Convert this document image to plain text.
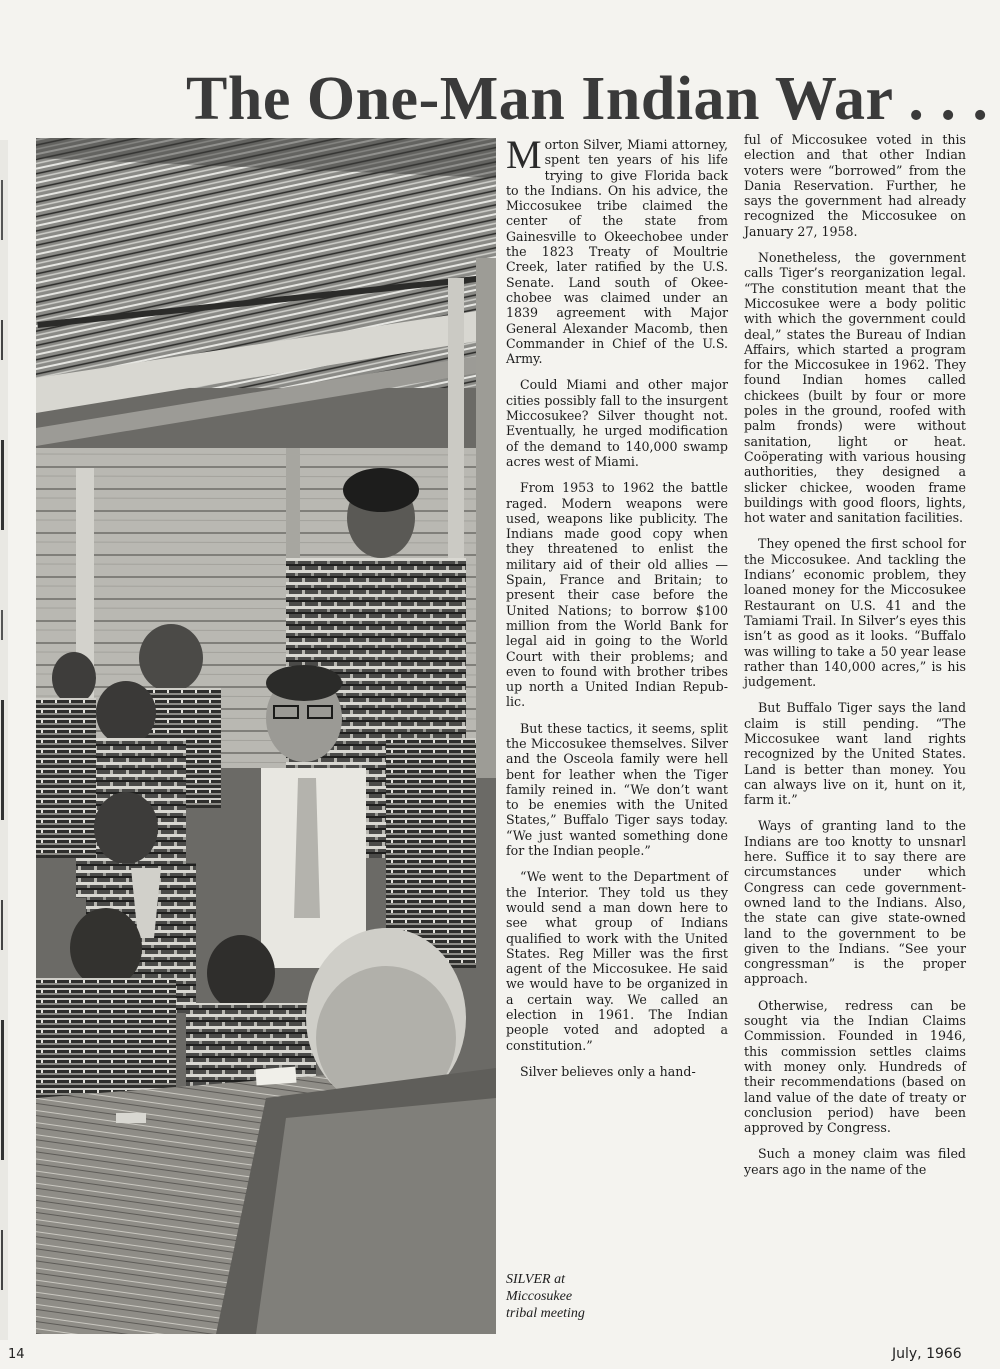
The One-Man Indian War . . .

Morton Silver, Miami attorney, spent ten years of his life trying to give Florida back to the Indians. On his advice, the Miccosukee tribe claimed the center of the state from Gainesville to Okeechobee under the 1823 Treaty of Moultrie Creek, later ratified by the U.S. Senate. Land south of Okeechobee was claimed under an 1839 agreement with Major General Alexander Macomb, then Commander in Chief of the U.S. Army.

Could Miami and other major cities possibly fall to the insurgent Miccosukee? Silver thought not. Eventually, he urged modification of the demand to 140,000 swamp acres west of Miami.

From 1953 to 1962 the battle raged. Modern weapons were used, weapons like publicity. The Indians made good copy when they threatened to enlist the military aid of their old allies — Spain, France and Britain; to present their case before the United Nations; to borrow $100 million from the World Bank for legal aid in going to the World Court with their problems; and even to found with brother tribes up north a United Indian Republic.

But these tactics, it seems, split the Miccosukee themselves. Silver and the Osceola family were hell bent for leather when the Tiger family reined in. “We don’t want to be enemies with the United States,” Buffalo Tiger says today. “We just wanted something done for the Indian people.”

“We went to the Department of the Interior. They told us they would send a man down here to see what group of Indians qualified to work with the United States. Reg Miller was the first agent of the Miccosukee. He said we would have to be organized in a certain way. We called an election in 1961. The Indian people voted and adopted a constitution.”

Silver believes only a hand-

ful of Miccosukee voted in this election and that other Indian voters were “borrowed” from the Dania Reservation. Further, he says the government had already recognized the Miccosukee on January 27, 1958.

Nonetheless, the government calls Tiger’s reorganization legal. “The constitution meant that the Miccosukee were a body politic with which the government could deal,” states the Bureau of Indian Affairs, which started a program for the Miccosukee in 1962. They found Indian homes called chickees (built by four or more poles in the ground, roofed with palm fronds) were without sanitation, light or heat. Coöperating with various housing authorities, they designed a slicker chickee, wooden frame buildings with good floors, lights, hot water and sanitation facilities.

They opened the first school for the Miccosukee. And tackling the Indians’ economic problem, they loaned money for the Miccosukee Restaurant on U.S. 41 and the Tamiami Trail. In Silver’s eyes this isn’t as good as it looks. “Buffalo was willing to take a 50 year lease rather than 140,000 acres,” is his judgement.

But Buffalo Tiger says the land claim is still pending. “The Miccosukee want land rights recognized by the United States. Land is better than money. You can always live on it, hunt on it, farm it.”

Ways of granting land to the Indians are too knotty to unsnarl here. Suffice it to say there are circumstances under which Congress can cede government-owned land to the Indians. Also, the state can give state-owned land to the government to be given to the Indians. “See your congressman” is the proper approach.

Otherwise, redress can be sought via the Indian Claims Commission. Founded in 1946, this commission settles claims with money only. Hundreds of their recommendations (based on land value of the date of treaty or conclusion period) have been approved by Congress.

Such a money claim was filed years ago in the name of the

SILVER at
Miccosukee
tribal meeting
14	July, 1966
